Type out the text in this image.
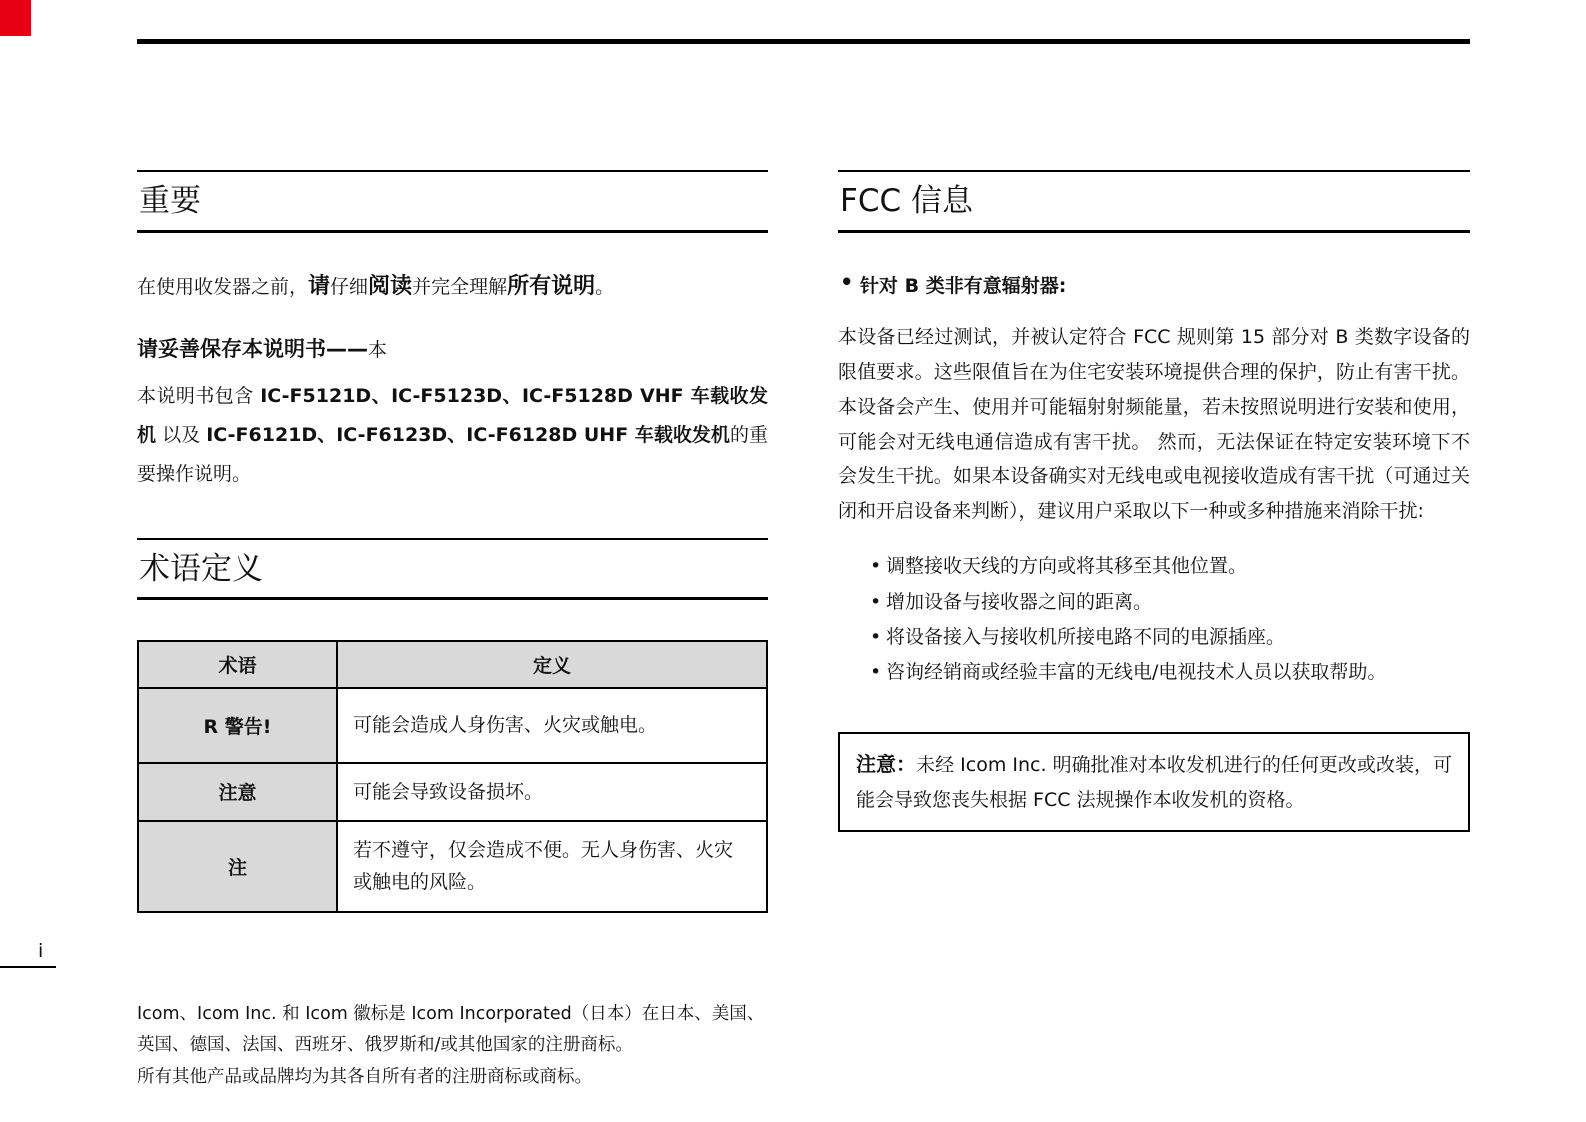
重要

在使用收发器之前，请仔细阅读并完全理解所有说明。

请妥善保存本说明书——本

本说明书包含 IC-F5121D、IC-F5123D、IC-F5128D VHF 车载收发机 以及 IC-F6121D、IC-F6123D、IC-F6128D UHF 车载收发机的重要操作说明。

术语定义
术语	定义
R 警告!	可能会造成人身伤害、火灾或触电。
注意	可能会导致设备损坏。
注	若不遵守，仅会造成不便。无人身伤害、火灾或触电的风险。

Icom、Icom Inc. 和 Icom 徽标是 Icom Incorporated（日本）在日本、美国、英国、德国、法国、西班牙、俄罗斯和/或其他国家的注册商标。

所有其他产品或品牌均为其各自所有者的注册商标或商标。

FCC 信息

针对 B 类非有意辐射器:

本设备已经过测试，并被认定符合 FCC 规则第 15 部分对 B 类数字设备的限值要求。这些限值旨在为住宅安装环境提供合理的保护，防止有害干扰。本设备会产生、使用并可能辐射射频能量，若未按照说明进行安装和使用，可能会对无线电通信造成有害干扰。 然而，无法保证在特定安装环境下不会发生干扰。如果本设备确实对无线电或电视接收造成有害干扰（可通过关闭和开启设备来判断），建议用户采取以下一种或多种措施来消除干扰:

调整接收天线的方向或将其移至其他位置。
增加设备与接收器之间的距离。
将设备接入与接收机所接电路不同的电源插座。
咨询经销商或经验丰富的无线电/电视技术人员以获取帮助。
注意：未经 Icom Inc. 明确批准对本收发机进行的任何更改或改装，可能会导致您丧失根据 FCC 法规操作本收发机的资格。
i
